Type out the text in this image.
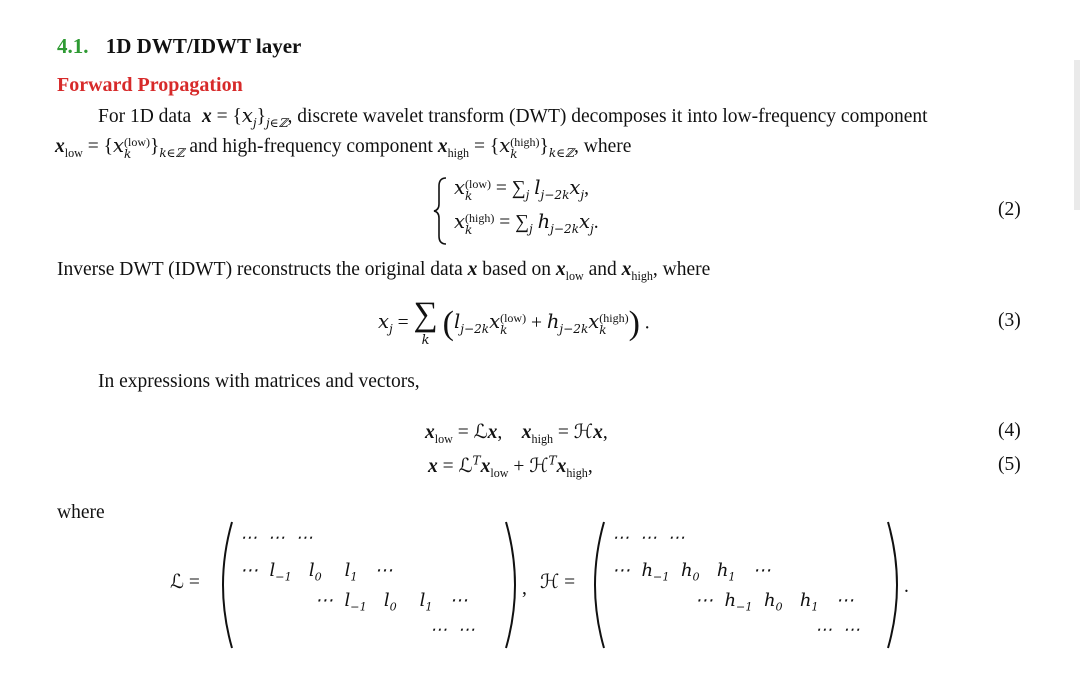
4.1. 1D DWT/IDWT layer
Forward Propagation
For 1D data $x = \{x_j\}_{j\in ℤ}$, discrete wavelet transform (DWT) decomposes it into low-frequency component
$x_{low} = \{x$ (low)
k }$_{k\in ℤ}$ and high-frequency component $x_{high} = \{x$ (high)
k	}$_{k\in ℤ}$, where
x (low)
$k = \sum_j$ $l_{j-2k}x_j$,
x (high)
k	= $\sum_j$ $h_{j-2k}x_j$.
(2)
Inverse DWT (IDWT) reconstructs the original data x based on $x_{low}$ and $x_{high}$, where
$x_j$ = ∑
k ($l_{j-2k}x$ (low)
$k + h_{j-2k}x$ (high)
k ) .	(3)
In expressions with matrices and vectors,
$x_{low}$ = ℒx,    $x_{high}$ = ℋx,	(4)
$x = ℒ^Tx_{low}$ + $ℋ^Tx_{high}$,	(5)
where
ℒ =
⋯  ⋯  ⋯
⋯  $l_{-1}$ $l_0$ $l_1$   ⋯
⋯  $l_{-1}$ $l_0$ $l_1$   ⋯
⋯  ⋯
, ℋ =
⋯  ⋯  ⋯
⋯  $h_{-1}$ $h_0$ $h_1$   ⋯
⋯  $h_{-1}$ $h_0$ $h_1$   ⋯
⋯  ⋯
.
